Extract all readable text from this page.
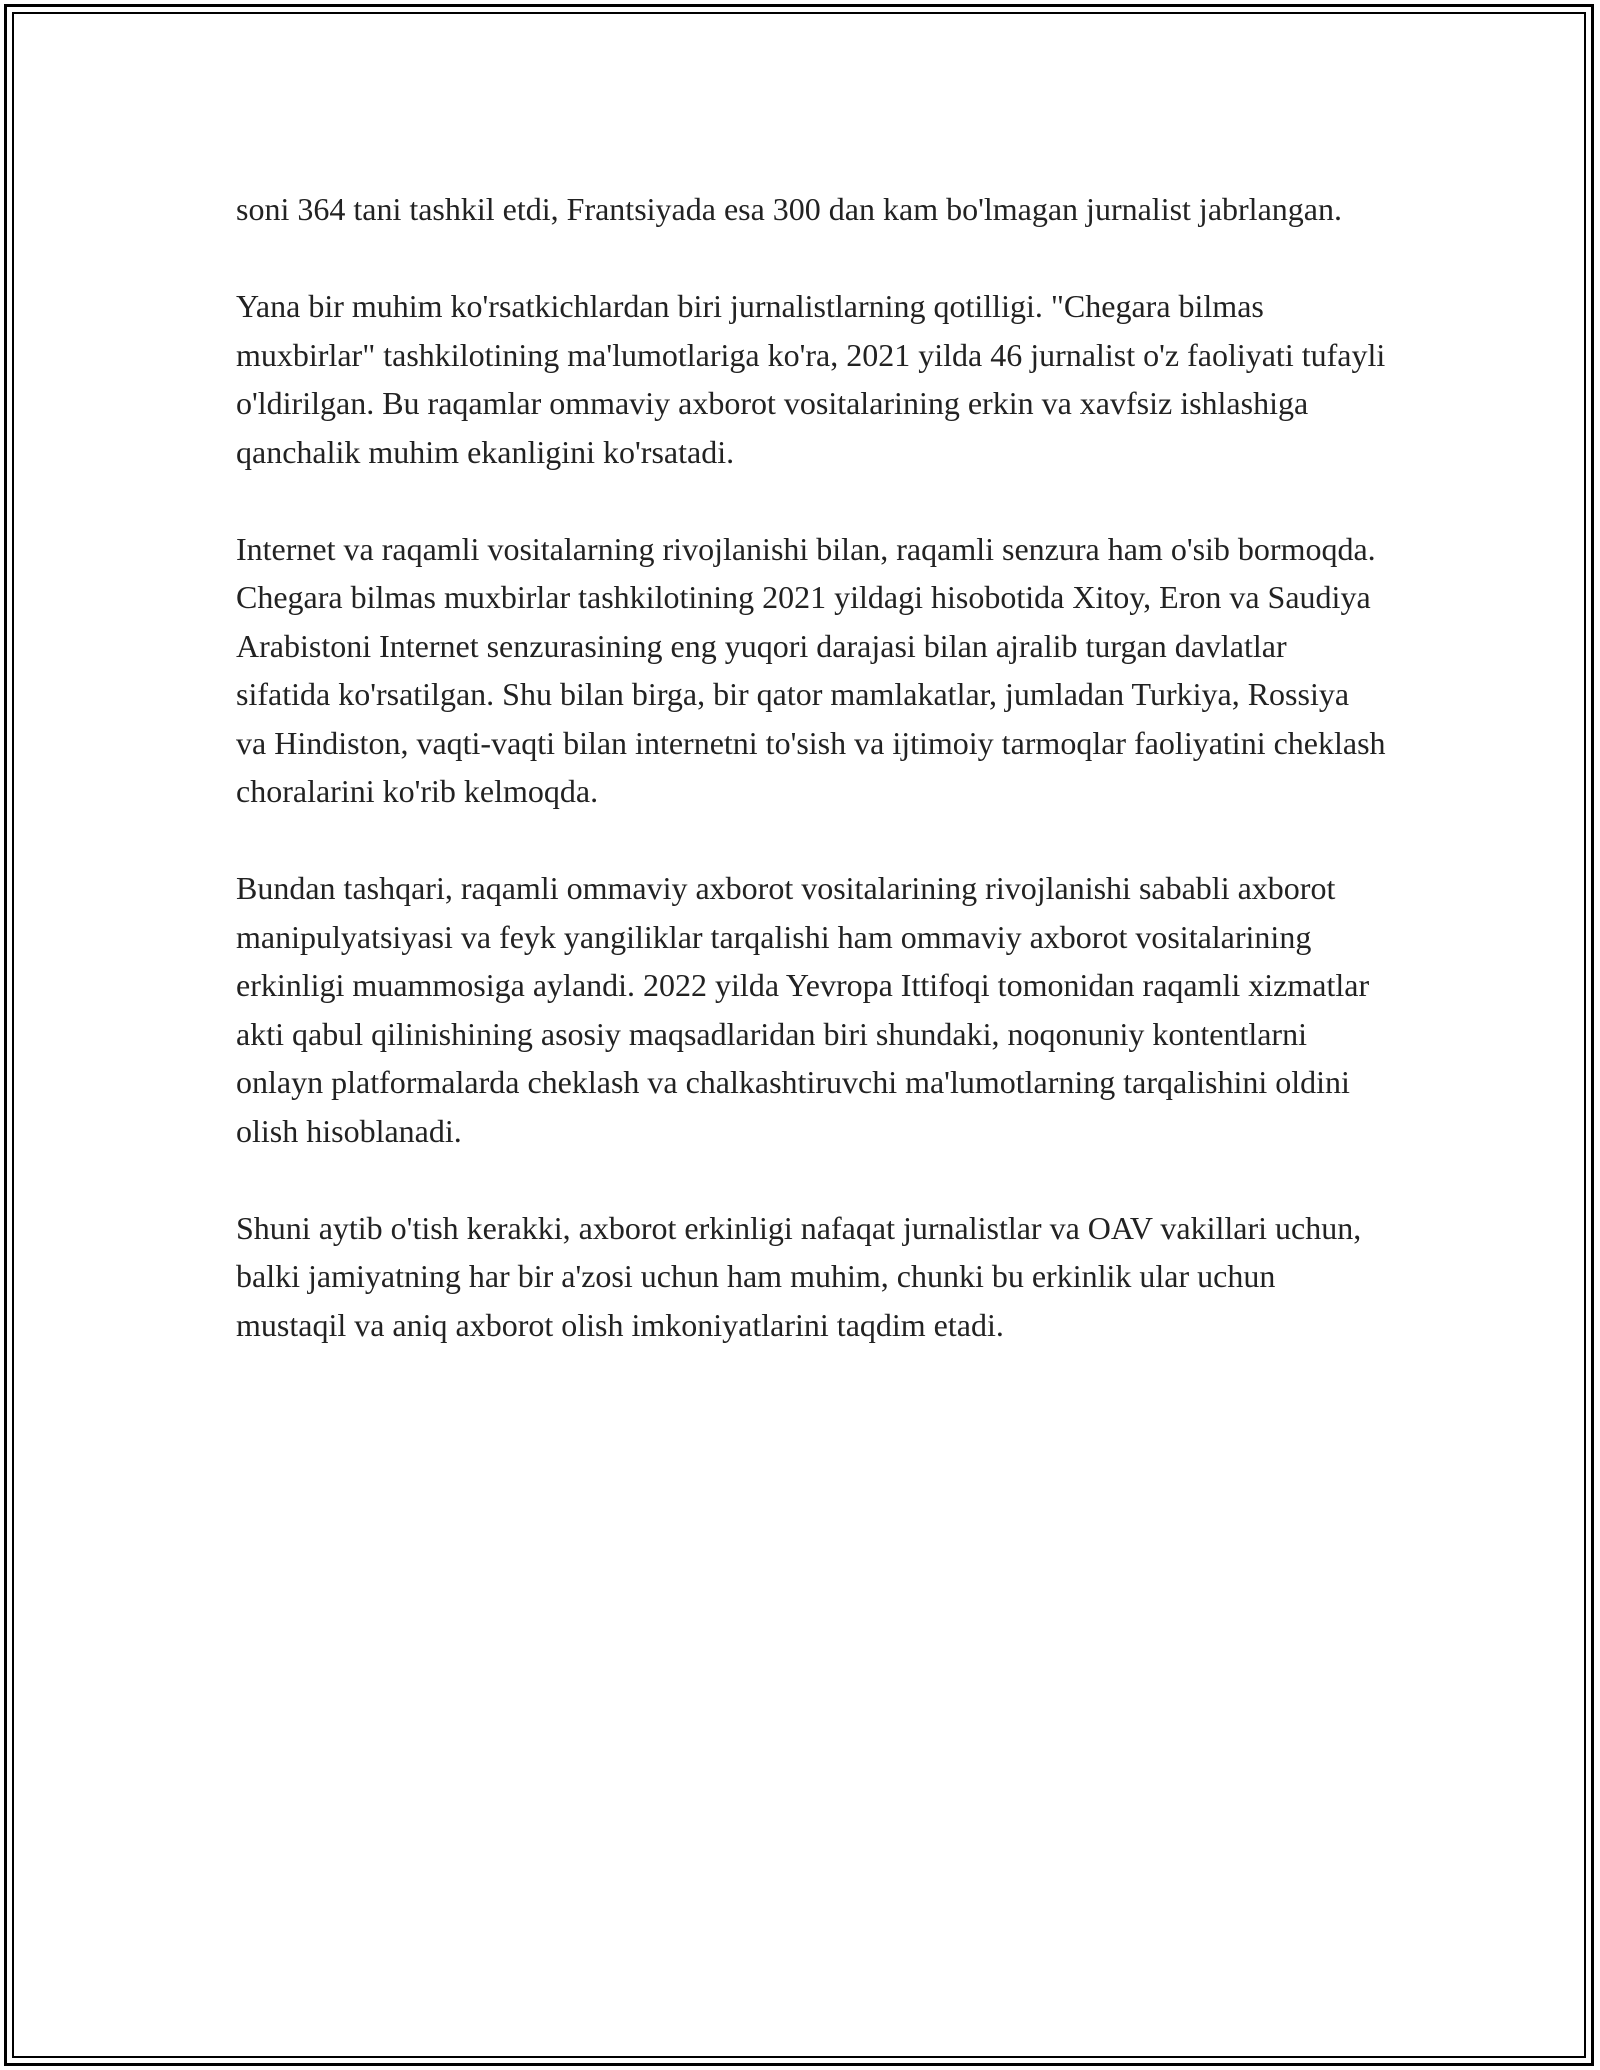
soni 364 tani tashkil etdi, Frantsiyada esa 300 dan kam bo'lmagan jurnalist jabrlangan.

Yana bir muhim ko'rsatkichlardan biri jurnalistlarning qotilligi. "Chegara bilmas muxbirlar" tashkilotining ma'lumotlariga ko'ra, 2021 yilda 46 jurnalist o'z faoliyati tufayli o'ldirilgan. Bu raqamlar ommaviy axborot vositalarining erkin va xavfsiz ishlashiga qanchalik muhim ekanligini ko'rsatadi.

Internet va raqamli vositalarning rivojlanishi bilan, raqamli senzura ham o'sib bormoqda. Chegara bilmas muxbirlar tashkilotining 2021 yildagi hisobotida Xitoy, Eron va Saudiya Arabistoni Internet senzurasining eng yuqori darajasi bilan ajralib turgan davlatlar sifatida ko'rsatilgan. Shu bilan birga, bir qator mamlakatlar, jumladan Turkiya, Rossiya va Hindiston, vaqti-vaqti bilan internetni to'sish va ijtimoiy tarmoqlar faoliyatini cheklash choralarini ko'rib kelmoqda.

Bundan tashqari, raqamli ommaviy axborot vositalarining rivojlanishi sababli axborot manipulyatsiyasi va feyk yangiliklar tarqalishi ham ommaviy axborot vositalarining erkinligi muammosiga aylandi. 2022 yilda Yevropa Ittifoqi tomonidan raqamli xizmatlar akti qabul qilinishining asosiy maqsadlaridan biri shundaki, noqonuniy kontentlarni onlayn platformalarda cheklash va chalkashtiruvchi ma'lumotlarning tarqalishini oldini olish hisoblanadi.

Shuni aytib o'tish kerakki, axborot erkinligi nafaqat jurnalistlar va OAV vakillari uchun, balki jamiyatning har bir a'zosi uchun ham muhim, chunki bu erkinlik ular uchun mustaqil va aniq axborot olish imkoniyatlarini taqdim etadi.
